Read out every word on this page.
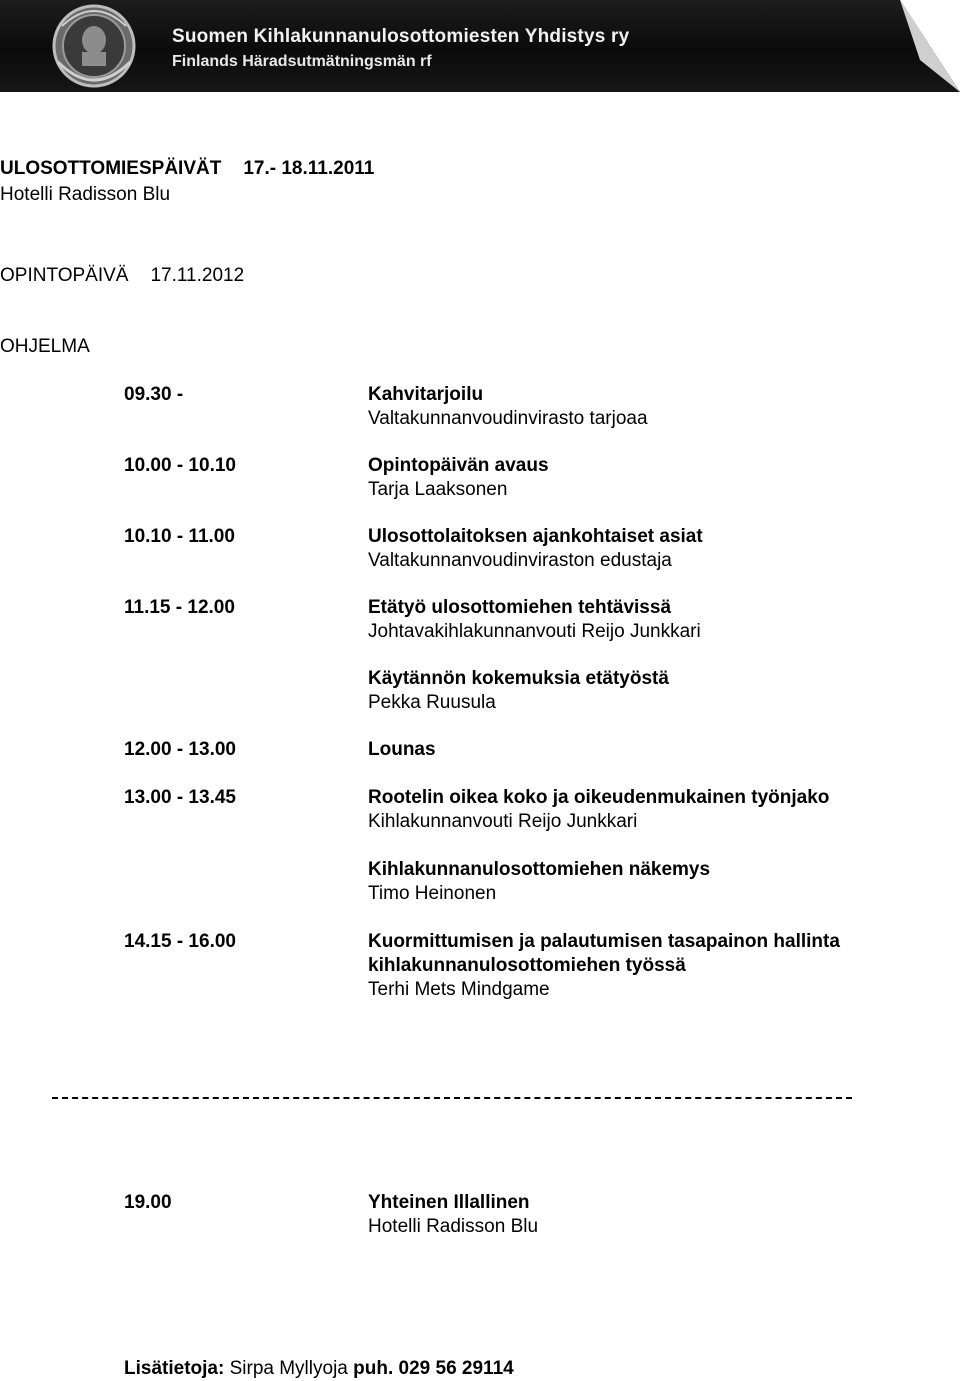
Suomen Kihlakunnanulosottomiesten Yhdistys ry
Finlands Häradsutmätningsmän rf
ULOSOTTOMIESPÄIVÄT 17.- 18.11.2011
Hotelli Radisson Blu
OPINTOPÄIVÄ 17.11.2012
OHJELMA
09.30 -	Kahvitarjoilu
Valtakunnanvoudinvirasto tarjoaa
10.00 - 10.10	Opintopäivän avaus
Tarja Laaksonen
10.10 - 11.00	Ulosottolaitoksen ajankohtaiset asiat
Valtakunnanvoudinviraston edustaja
11.15 - 12.00	Etätyö ulosottomiehen tehtävissä
Johtavakihlakunnanvouti Reijo Junkkari
Käytännön kokemuksia etätyöstä
Pekka Ruusula
12.00 - 13.00	Lounas
13.00 - 13.45	Rootelin oikea koko ja oikeudenmukainen työnjako
Kihlakunnanvouti Reijo Junkkari
Kihlakunnanulosottomiehen näkemys
Timo Heinonen
14.15 - 16.00	Kuormittumisen ja palautumisen tasapainon hallinta
kihlakunnanulosottomiehen työssä
Terhi Mets Mindgame
19.00	Yhteinen Illallinen
Hotelli Radisson Blu
Lisätietoja: Sirpa Myllyoja puh. 029 56 29114
